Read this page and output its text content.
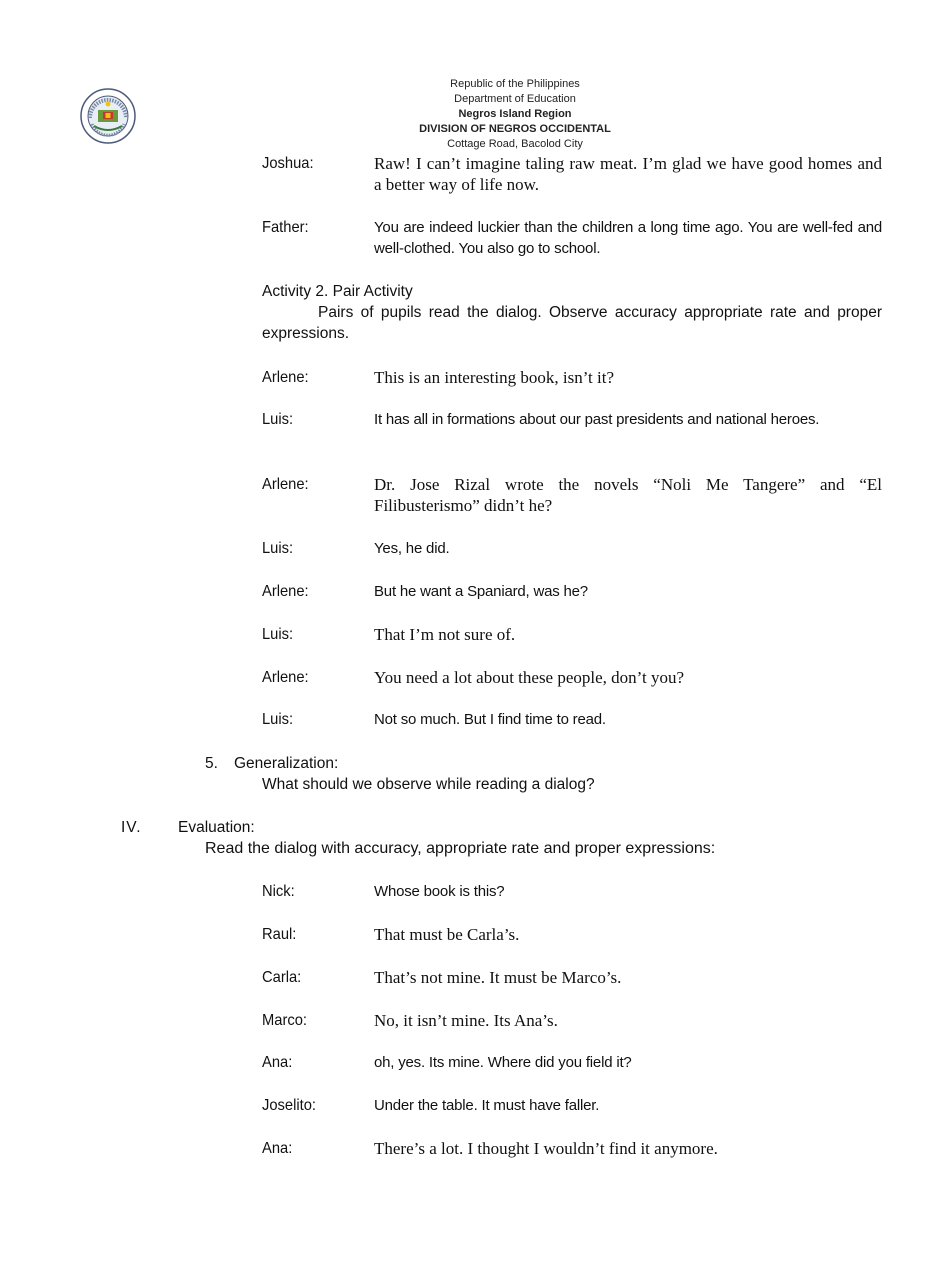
Republic of the Philippines
Department of Education
Negros Island Region
DIVISION OF NEGROS OCCIDENTAL
Cottage Road, Bacolod City
Joshua:	Raw! I can’t imagine taling raw meat. I’m glad we have good homes and a better way of life now.
Father:	You are indeed luckier than the children a long time ago. You are well-fed and well-clothed. You also go to school.
Activity 2. Pair Activity
Pairs of pupils read the dialog. Observe accuracy appropriate rate and proper expressions.
Arlene:	This is an interesting book, isn’t it?
Luis:	It has all in formations about our past presidents and national heroes.
Arlene:	Dr. Jose Rizal wrote the novels “Noli Me Tangere” and “El Filibusterismo” didn’t he?
Luis:	Yes, he did.
Arlene:	But he want a Spaniard, was he?
Luis:	That I’m not sure of.
Arlene:	You need a lot about these people, don’t you?
Luis:	Not so much. But I find time to read.
5. Generalization:
What should we observe while reading a dialog?
IV. Evaluation:
Read the dialog with accuracy, appropriate rate and proper expressions:
Nick:	Whose book is this?
Raul:	That must be Carla’s.
Carla:	That’s not mine. It must be Marco’s.
Marco:	No, it isn’t mine. Its Ana’s.
Ana:	oh, yes. Its mine. Where did you field it?
Joselito:	Under the table. It must have faller.
Ana:	There’s a lot. I thought I wouldn’t find it anymore.
